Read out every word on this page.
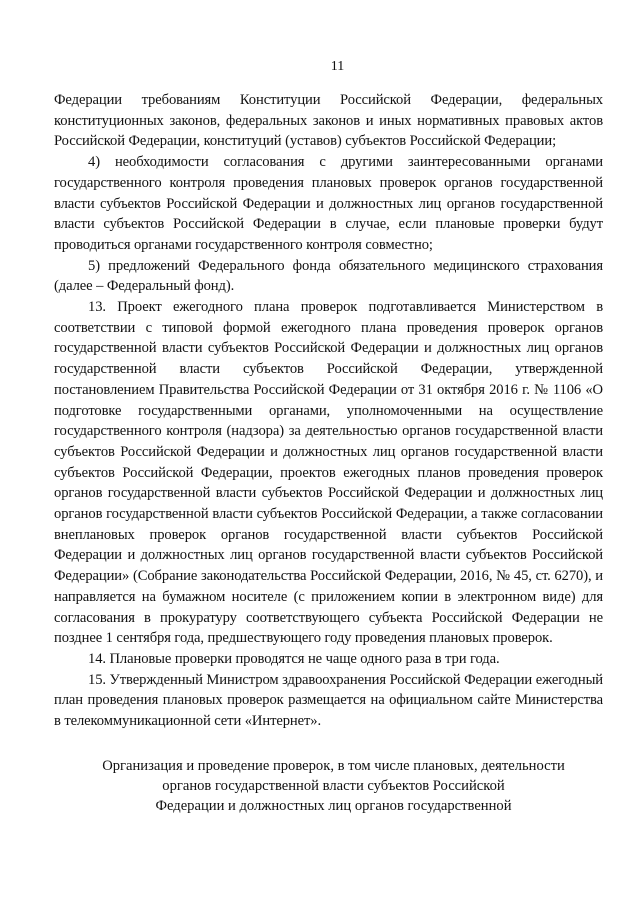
11

Федерации требованиям Конституции Российской Федерации, федеральных конституционных законов, федеральных законов и иных нормативных правовых актов Российской Федерации, конституций (уставов) субъектов Российской Федерации;

4) необходимости согласования с другими заинтересованными органами государственного контроля проведения плановых проверок органов государственной власти субъектов Российской Федерации и должностных лиц органов государственной власти субъектов Российской Федерации в случае, если плановые проверки будут проводиться органами государственного контроля совместно;

5) предложений Федерального фонда обязательного медицинского страхования (далее – Федеральный фонд).

13. Проект ежегодного плана проверок подготавливается Министерством в соответствии с типовой формой ежегодного плана проведения проверок органов государственной власти субъектов Российской Федерации и должностных лиц органов государственной власти субъектов Российской Федерации, утвержденной постановлением Правительства Российской Федерации от 31 октября 2016 г. № 1106 «О подготовке государственными органами, уполномоченными на осуществление государственного контроля (надзора) за деятельностью органов государственной власти субъектов Российской Федерации и должностных лиц органов государственной власти субъектов Российской Федерации, проектов ежегодных планов проведения проверок органов государственной власти субъектов Российской Федерации и должностных лиц органов государственной власти субъектов Российской Федерации, а также согласовании внеплановых проверок органов государственной власти субъектов Российской Федерации и должностных лиц органов государственной власти субъектов Российской Федерации» (Собрание законодательства Российской Федерации, 2016, № 45, ст. 6270), и направляется на бумажном носителе (с приложением копии в электронном виде) для согласования в прокуратуру соответствующего субъекта Российской Федерации не позднее 1 сентября года, предшествующего году проведения плановых проверок.

14. Плановые проверки проводятся не чаще одного раза в три года.

15. Утвержденный Министром здравоохранения Российской Федерации ежегодный план проведения плановых проверок размещается на официальном сайте Министерства в телекоммуникационной сети «Интернет».

Организация и проведение проверок, в том числе плановых, деятельности
органов государственной власти субъектов Российской
Федерации и должностных лиц органов государственной
